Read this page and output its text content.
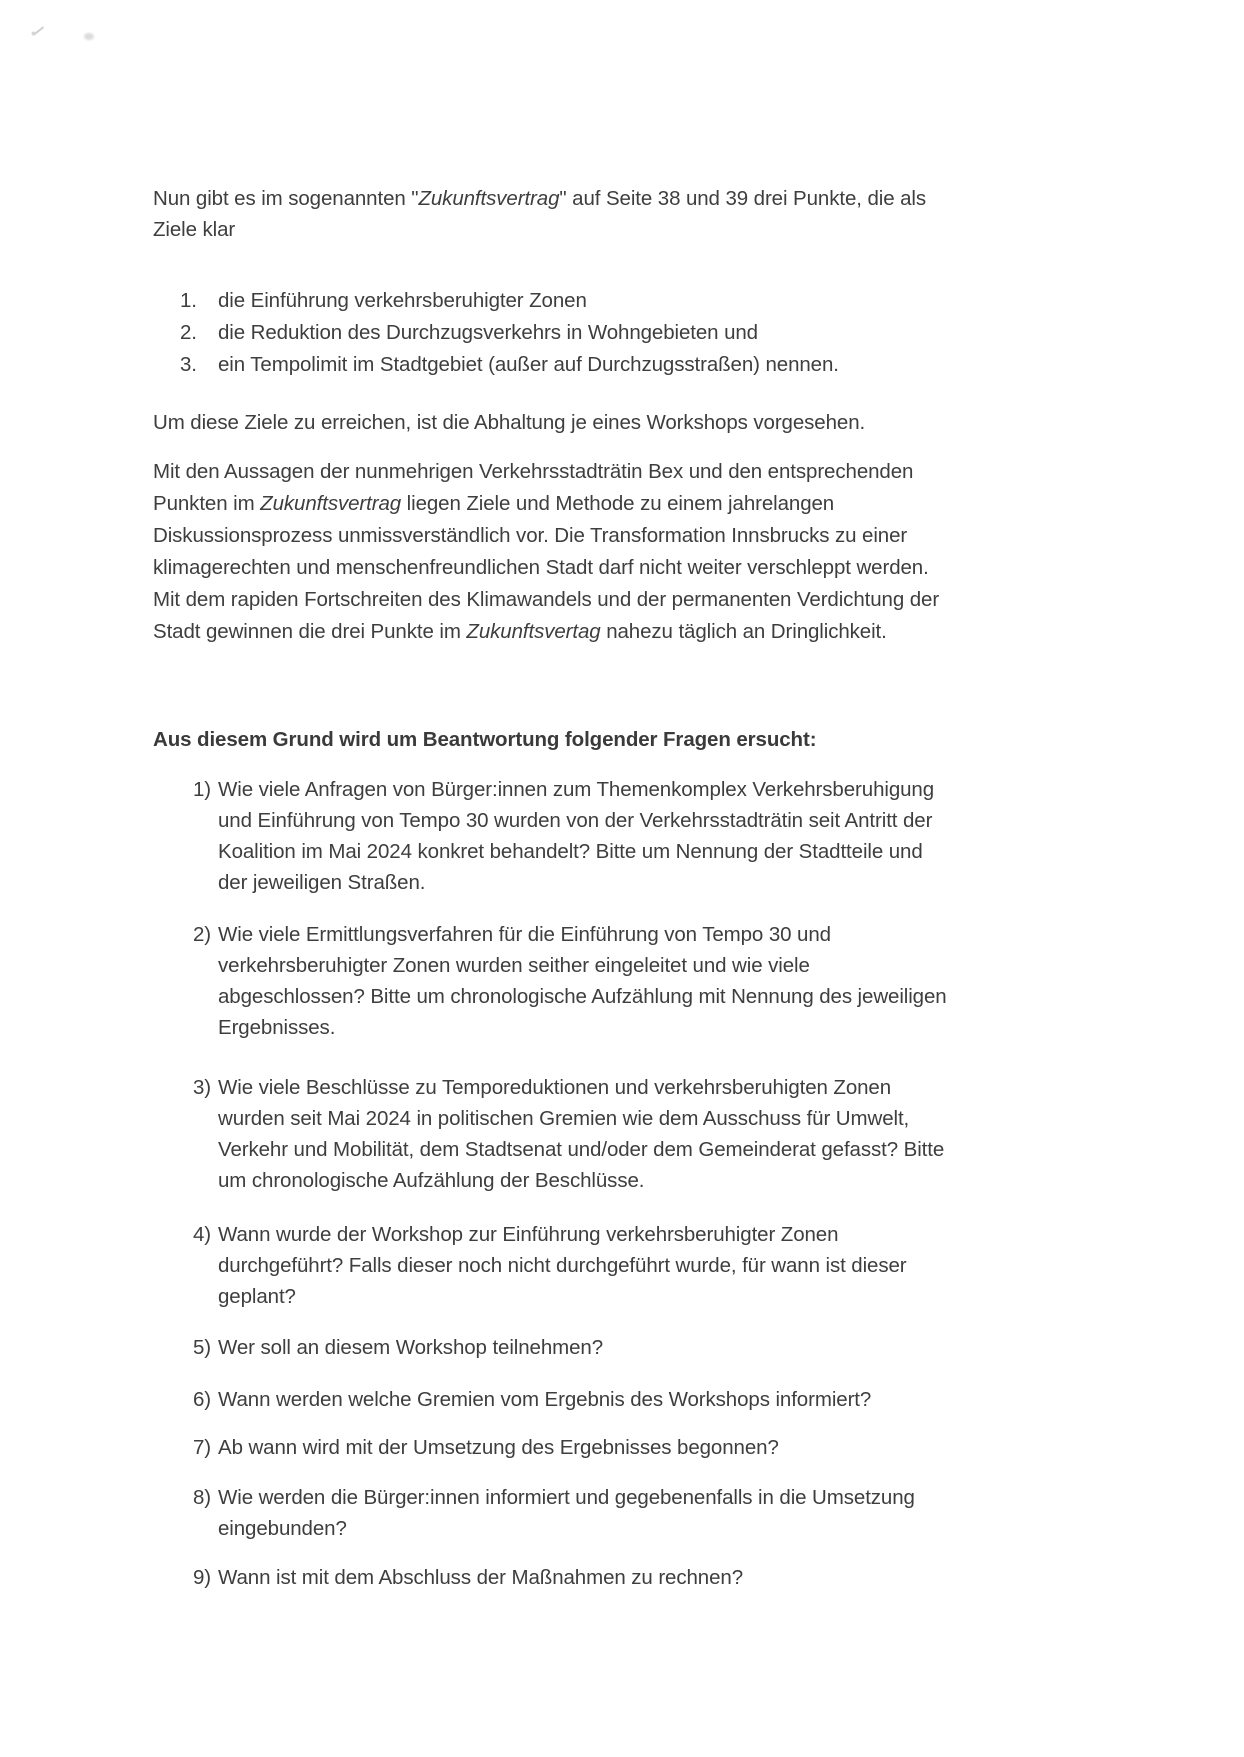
Nun gibt es im sogenannten "Zukunftsvertrag" auf Seite 38 und 39 drei Punkte, die als Ziele klar
1.	die Einführung verkehrsberuhigter Zonen
2.	die Reduktion des Durchzugsverkehrs in Wohngebieten und
3.	ein Tempolimit im Stadtgebiet (außer auf Durchzugsstraßen) nennen.
Um diese Ziele zu erreichen, ist die Abhaltung je eines Workshops vorgesehen.
Mit den Aussagen der nunmehrigen Verkehrsstadträtin Bex und den entsprechenden Punkten im Zukunftsvertrag liegen Ziele und Methode zu einem jahrelangen Diskussionsprozess unmissverständlich vor. Die Transformation Innsbrucks zu einer klimagerechten und menschenfreundlichen Stadt darf nicht weiter verschleppt werden. Mit dem rapiden Fortschreiten des Klimawandels und der permanenten Verdichtung der Stadt gewinnen die drei Punkte im Zukunftsvertag nahezu täglich an Dringlichkeit.
Aus diesem Grund wird um Beantwortung folgender Fragen ersucht:
1) Wie viele Anfragen von Bürger:innen zum Themenkomplex Verkehrsberuhigung und Einführung von Tempo 30 wurden von der Verkehrsstadträtin seit Antritt der Koalition im Mai 2024 konkret behandelt? Bitte um Nennung der Stadtteile und der jeweiligen Straßen.
2) Wie viele Ermittlungsverfahren für die Einführung von Tempo 30 und verkehrsberuhigter Zonen wurden seither eingeleitet und wie viele abgeschlossen? Bitte um chronologische Aufzählung mit Nennung des jeweiligen Ergebnisses.
3) Wie viele Beschlüsse zu Temporeduktionen und verkehrsberuhigten Zonen wurden seit Mai 2024 in politischen Gremien wie dem Ausschuss für Umwelt, Verkehr und Mobilität, dem Stadtsenat und/oder dem Gemeinderat gefasst? Bitte um chronologische Aufzählung der Beschlüsse.
4) Wann wurde der Workshop zur Einführung verkehrsberuhigter Zonen durchgeführt? Falls dieser noch nicht durchgeführt wurde, für wann ist dieser geplant?
5) Wer soll an diesem Workshop teilnehmen?
6) Wann werden welche Gremien vom Ergebnis des Workshops informiert?
7) Ab wann wird mit der Umsetzung des Ergebnisses begonnen?
8) Wie werden die Bürger:innen informiert und gegebenenfalls in die Umsetzung eingebunden?
9) Wann ist mit dem Abschluss der Maßnahmen zu rechnen?
